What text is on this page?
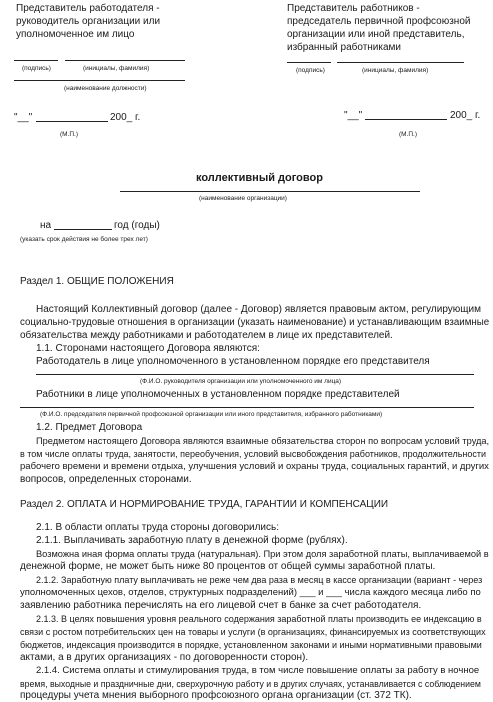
Представитель работодателя -
руководитель организации или
уполномоченное им лицо
(подпись)	(инициалы, фамилия)
(наименование должности)
"__"	200_ г.
(М.П.)
Представитель работников -
председатель первичной профсоюзной
организации или иной представитель,
избранный работниками
(подпись)	(инициалы, фамилия)
"__"	200_ г.
(М.П.)
коллективный договор
(наименование организации)
на	год (годы)
(указать срок действия не более трех лет)
Раздел 1. ОБЩИЕ ПОЛОЖЕНИЯ
Настоящий Коллективный договор (далее - Договор) является правовым актом, регулирующим
социально-трудовые отношения в организации (указать наименование) и устанавливающим взаимные
обязательства между работниками и работодателем в лице их представителей.
1.1. Сторонами настоящего Договора являются:
Работодатель в лице уполномоченного в установленном порядке его представителя
(Ф.И.О. руководителя организации или уполномоченного им лица)
Работники в лице уполномоченных в установленном порядке представителей
(Ф.И.О. председателя первичной профсоюзной организации или иного представителя, избранного работниками)
1.2. Предмет Договора
Предметом настоящего Договора являются взаимные обязательства сторон по вопросам условий труда,
в том числе оплаты труда, занятости, переобучения, условий высвобождения работников, продолжительности
рабочего времени и времени отдыха, улучшения условий и охраны труда, социальных гарантий, и других
вопросов, определенных сторонами.
Раздел 2. ОПЛАТА И НОРМИРОВАНИЕ ТРУДА, ГАРАНТИИ И КОМПЕНСАЦИИ
2.1. В области оплаты труда стороны договорились:
2.1.1. Выплачивать заработную плату в денежной форме (рублях).
Возможна иная форма оплаты труда (натуральная). При этом доля заработной платы, выплачиваемой в
денежной форме, не может быть ниже 80 процентов от общей суммы заработной платы.
2.1.2. Заработную плату выплачивать не реже чем два раза в месяц в кассе организации (вариант - через
уполномоченных цехов, отделов, структурных подразделений) ___ и ___ числа каждого месяца либо по
заявлению работника перечислять на его лицевой счет в банке за счет работодателя.
2.1.3. В целях повышения уровня реального содержания заработной платы производить ее индексацию в
связи с ростом потребительских цен на товары и услуги (в организациях, финансируемых из соответствующих
бюджетов, индексация производится в порядке, установленном законами и иными нормативными правовыми
актами, а в других организациях - по договоренности сторон).
2.1.4. Система оплаты и стимулирования труда, в том числе повышение оплаты за работу в ночное
время, выходные и праздничные дни, сверхурочную работу и в других случаях, устанавливается с соблюдением
процедуры учета мнения выборного профсоюзного органа организации (ст. 372 ТК).
